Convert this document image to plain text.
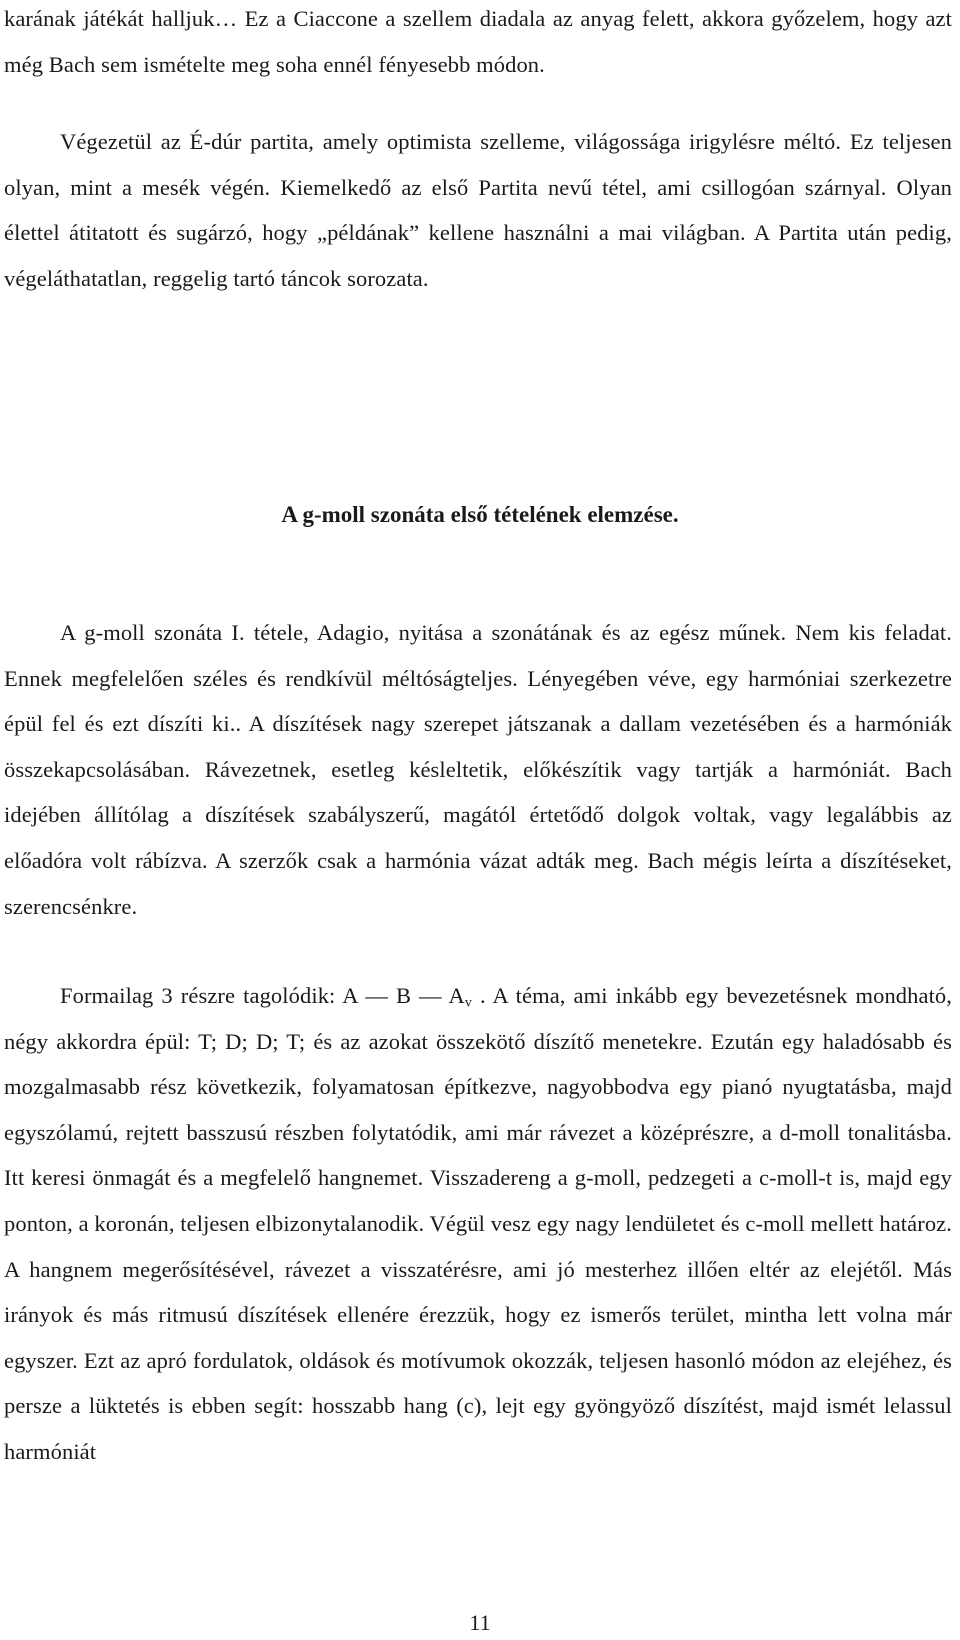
karának játékát halljuk… Ez a Ciaccone a szellem diadala az anyag felett, akkora győzelem, hogy azt még Bach sem ismételte meg soha ennél fényesebb módon.

Végezetül az É-dúr partita, amely optimista szelleme, világossága irigylésre méltó. Ez teljesen olyan, mint a mesék végén. Kiemelkedő az első Partita nevű tétel, ami csillogóan szárnyal. Olyan élettel átitatott és sugárzó, hogy „példának” kellene használni a mai világban. A Partita után pedig, végeláthatatlan, reggelig tartó táncok sorozata.

A g-moll szonáta első tételének elemzése.

A g-moll szonáta I. tétele, Adagio, nyitása a szonátának és az egész műnek. Nem kis feladat. Ennek megfelelően széles és rendkívül méltóságteljes. Lényegében véve, egy harmóniai szerkezetre épül fel és ezt díszíti ki.. A díszítések nagy szerepet játszanak a dallam vezetésében és a harmóniák összekapcsolásában. Rávezetnek, esetleg késleltetik, előkészítik vagy tartják a harmóniát. Bach idejében állítólag a díszítések szabályszerű, magától értetődő dolgok voltak, vagy legalábbis az előadóra volt rábízva. A szerzők csak a harmónia vázat adták meg. Bach mégis leírta a díszítéseket, szerencsénkre.

Formailag 3 részre tagolódik: A — B — $A_v$ . A téma, ami inkább egy bevezetésnek mondható, négy akkordra épül: T; D; D; T; és az azokat összekötő díszítő menetekre. Ezután egy haladósabb és mozgalmasabb rész következik, folyamatosan építkezve, nagyobbodva egy pianó nyugtatásba, majd egyszólamú, rejtett basszusú részben folytatódik, ami már rávezet a középrészre, a d-moll tonalitásba. Itt keresi önmagát és a megfelelő hangnemet. Visszadereng a g-moll, pedzegeti a c-moll-t is, majd egy ponton, a koronán, teljesen elbizonytalanodik. Végül vesz egy nagy lendületet és c-moll mellett határoz. A hangnem megerősítésével, rávezet a visszatérésre, ami jó mesterhez illően eltér az elejétől. Más irányok és más ritmusú díszítések ellenére érezzük, hogy ez ismerős terület, mintha lett volna már egyszer. Ezt az apró fordulatok, oldások és motívumok okozzák, teljesen hasonló módon az elejéhez, és persze a lüktetés is ebben segít: hosszabb hang (c), lejt egy gyöngyöző díszítést, majd ismét lelassul harmóniát

11
